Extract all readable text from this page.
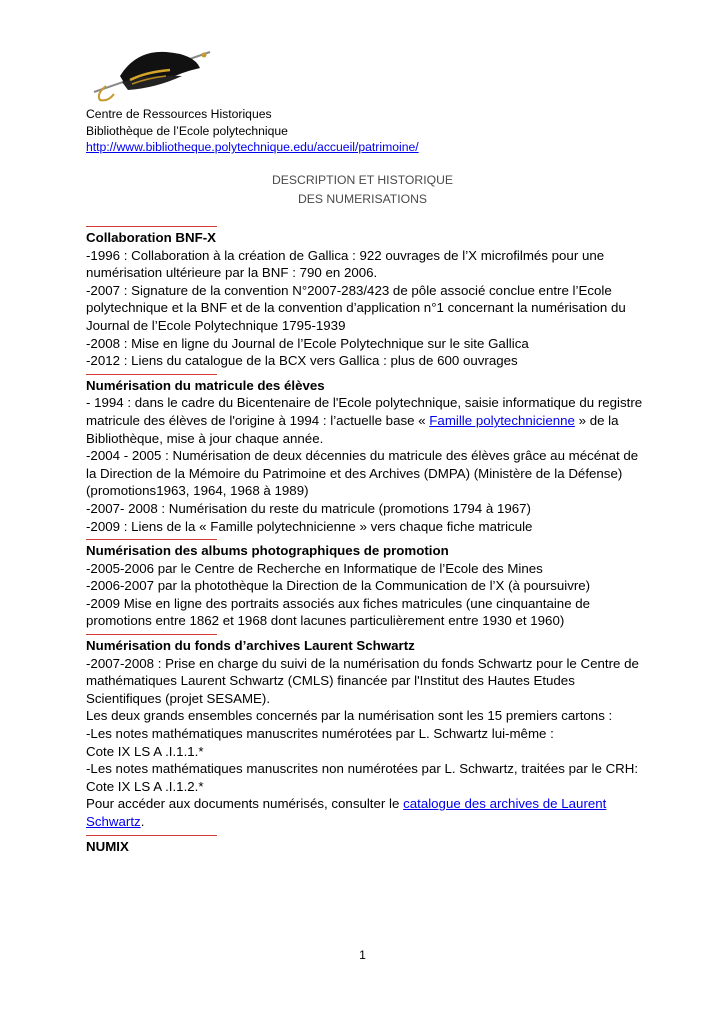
Centre de Ressources Historiques
Bibliothèque de l’Ecole polytechnique
http://www.bibliotheque.polytechnique.edu/accueil/patrimoine/
DESCRIPTION ET HISTORIQUE
DES NUMERISATIONS
Collaboration BNF-X
-1996 : Collaboration à la création de Gallica : 922 ouvrages de l’X microfilmés pour une numérisation ultérieure par la BNF : 790 en 2006.
-2007 : Signature de la convention N°2007-283/423 de pôle associé conclue entre l’Ecole polytechnique et la BNF et de la convention d’application n°1 concernant la numérisation du Journal de l’Ecole Polytechnique 1795-1939
-2008 : Mise en ligne du Journal de l’Ecole Polytechnique sur le site Gallica
-2012 : Liens du catalogue de la BCX vers Gallica : plus de 600 ouvrages
Numérisation du matricule des élèves
- 1994 : dans le cadre du Bicentenaire de l'Ecole polytechnique, saisie informatique du registre matricule des élèves de l'origine à 1994 : l’actuelle base « Famille polytechnicienne » de la Bibliothèque, mise à jour chaque année.
-2004 - 2005 : Numérisation de deux décennies du matricule des élèves grâce au mécénat de la Direction de la Mémoire du Patrimoine et des Archives (DMPA) (Ministère de la Défense) (promotions1963, 1964, 1968 à 1989)
-2007- 2008 : Numérisation du reste du matricule (promotions 1794 à 1967)
-2009 : Liens de la « Famille polytechnicienne » vers chaque fiche matricule
Numérisation des albums photographiques de promotion
-2005-2006 par le Centre de Recherche en Informatique de l’Ecole des Mines
-2006-2007 par la photothèque la Direction de la Communication de l’X (à poursuivre)
-2009 Mise en ligne des portraits associés aux fiches matricules (une cinquantaine de promotions entre 1862 et 1968 dont lacunes particulièrement entre 1930 et 1960)
Numérisation du fonds d’archives Laurent Schwartz
-2007-2008 : Prise en charge du suivi de la numérisation du fonds Schwartz pour le Centre de mathématiques Laurent Schwartz (CMLS) financée par l'Institut des Hautes Etudes Scientifiques (projet SESAME).
Les deux grands ensembles concernés par la numérisation sont les 15 premiers cartons :
-Les notes mathématiques manuscrites numérotées par L. Schwartz lui-même :
Cote IX LS A .I.1.1.*
-Les notes mathématiques manuscrites non numérotées par L. Schwartz, traitées par le CRH:
Cote IX LS A .I.1.2.*
Pour accéder aux documents numérisés, consulter le catalogue des archives de Laurent Schwartz.
NUMIX
1
